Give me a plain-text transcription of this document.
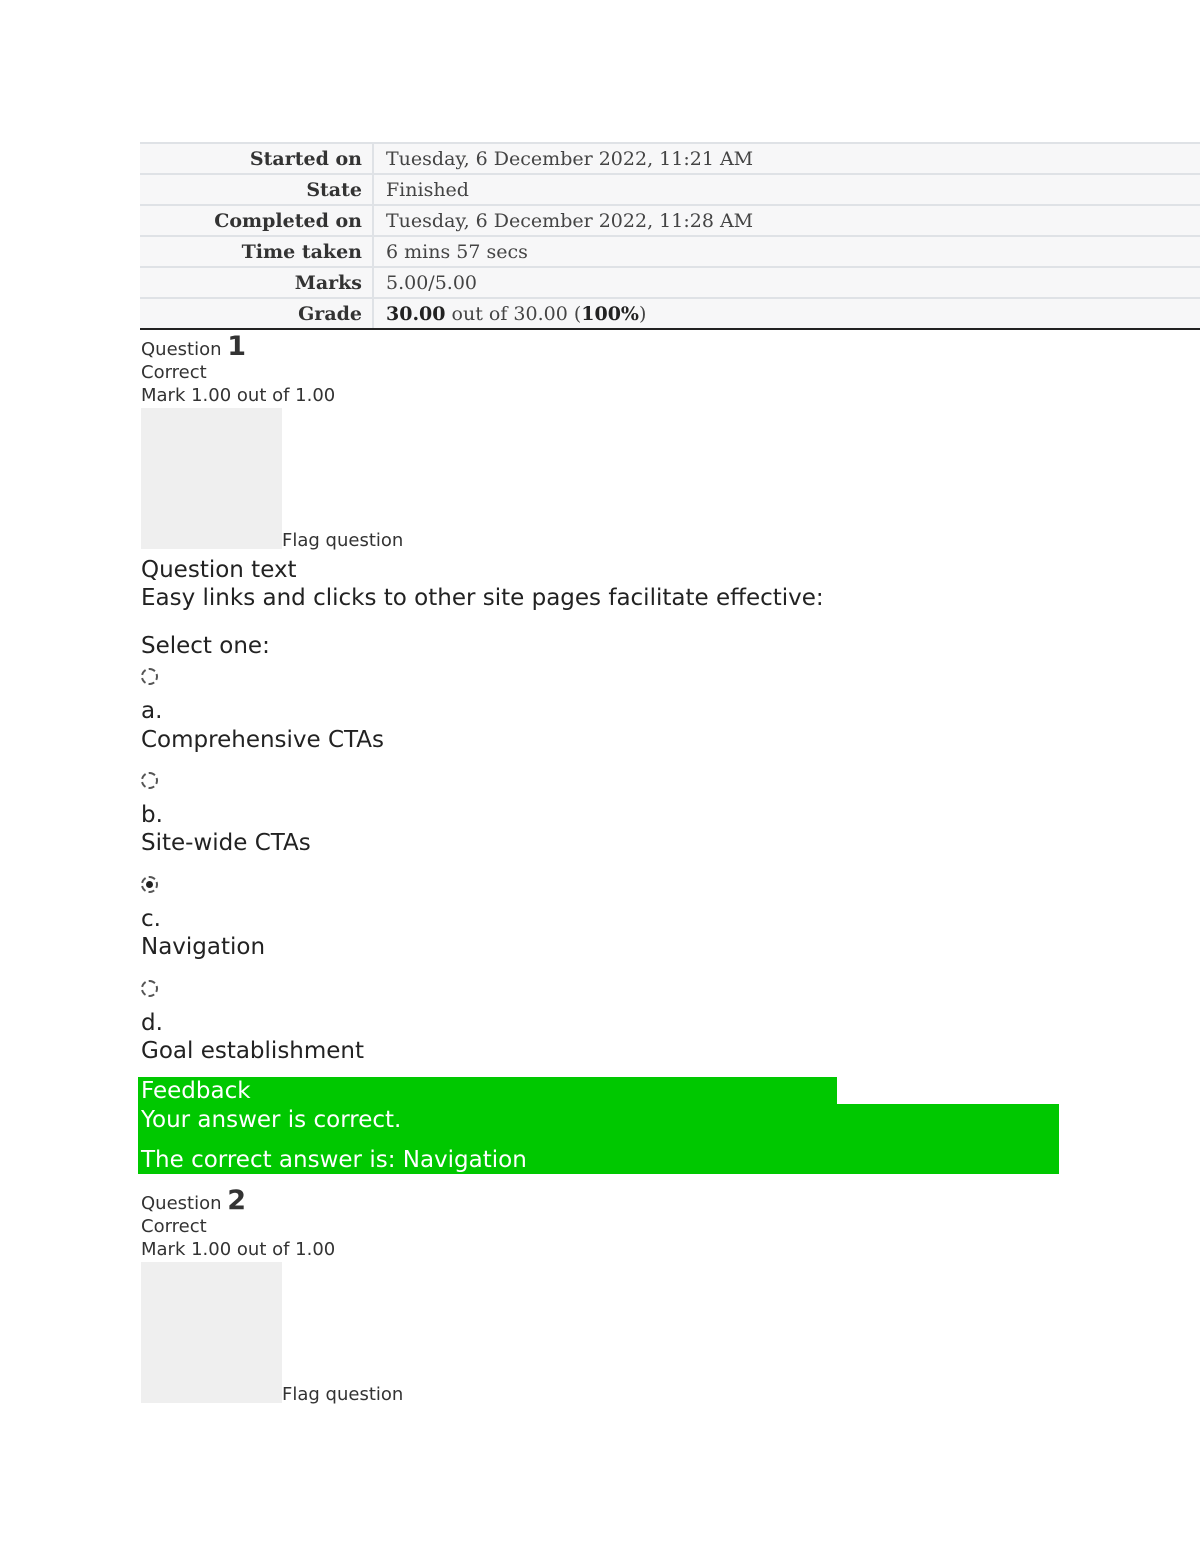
Started on	Tuesday, 6 December 2022, 11:21 AM
State	Finished
Completed on	Tuesday, 6 December 2022, 11:28 AM
Time taken	6 mins 57 secs
Marks	5.00/5.00
Grade	30.00 out of 30.00 (100%)
Question 1
Correct
Mark 1.00 out of 1.00
Flag question
Question text
Easy links and clicks to other site pages facilitate effective:
Select one:
a.
Comprehensive CTAs
b.
Site-wide CTAs
c.
Navigation
d.
Goal establishment
Feedback
Your answer is correct.
The correct answer is: Navigation
Question 2
Correct
Mark 1.00 out of 1.00
Flag question
